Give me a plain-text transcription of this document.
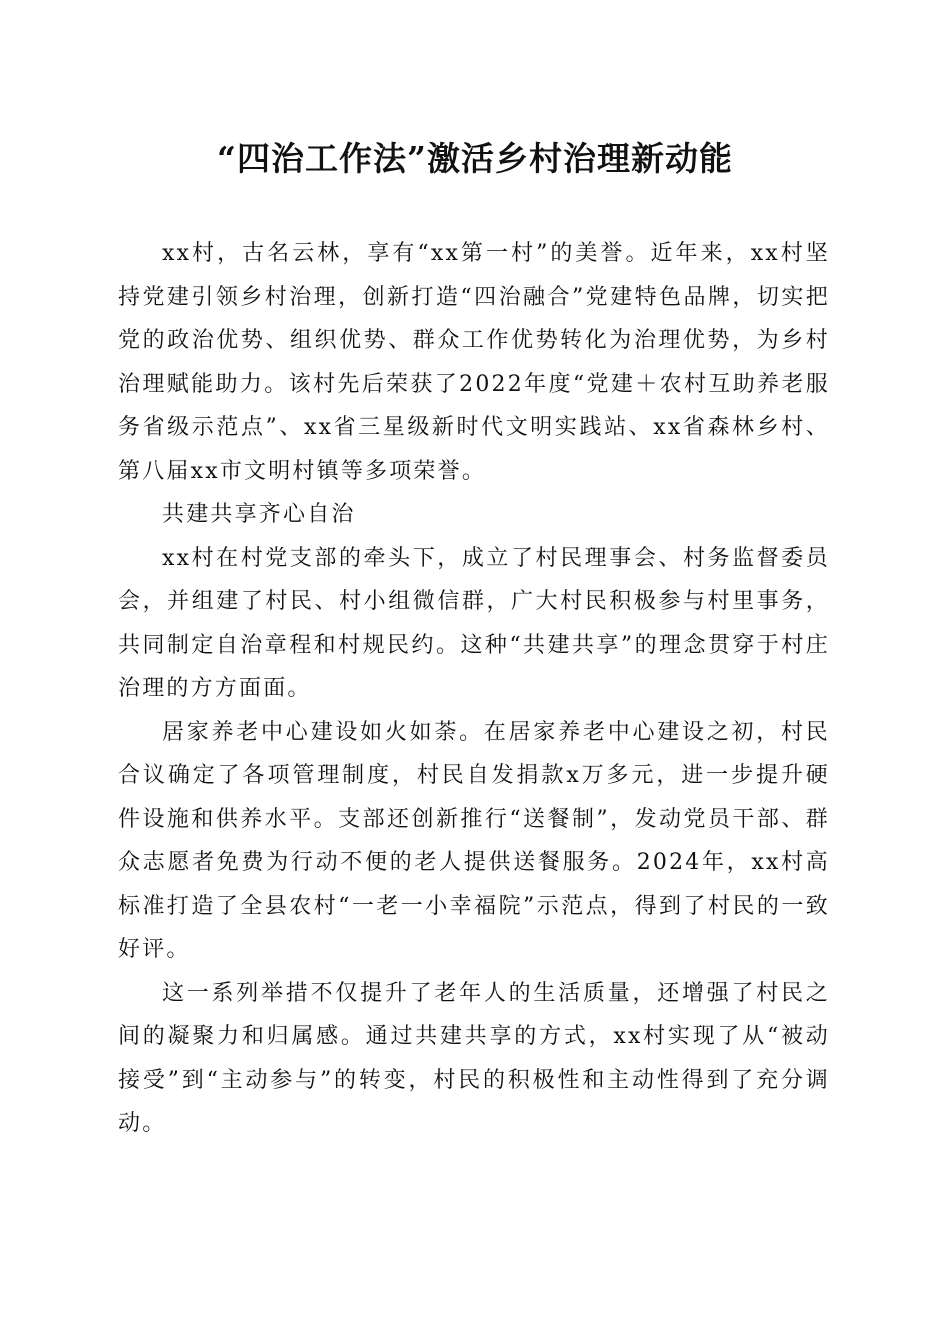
“四治工作法”激活乡村治理新动能

xx村，古名云林，享有“xx第一村”的美誉。近年来，xx村坚持党建引领乡村治理，创新打造“四治融合”党建特色品牌，切实把党的政治优势、组织优势、群众工作优势转化为治理优势，为乡村治理赋能助力。该村先后荣获了2022年度“党建＋农村互助养老服务省级示范点”、xx省三星级新时代文明实践站、xx省森林乡村、第八届xx市文明村镇等多项荣誉。

共建共享齐心自治

xx村在村党支部的牵头下，成立了村民理事会、村务监督委员会，并组建了村民、村小组微信群，广大村民积极参与村里事务，共同制定自治章程和村规民约。这种“共建共享”的理念贯穿于村庄治理的方方面面。

居家养老中心建设如火如荼。在居家养老中心建设之初，村民合议确定了各项管理制度，村民自发捐款x万多元，进一步提升硬件设施和供养水平。支部还创新推行“送餐制”，发动党员干部、群众志愿者免费为行动不便的老人提供送餐服务。2024年，xx村高标准打造了全县农村“一老一小幸福院”示范点，得到了村民的一致好评。

这一系列举措不仅提升了老年人的生活质量，还增强了村民之间的凝聚力和归属感。通过共建共享的方式，xx村实现了从“被动接受”到“主动参与”的转变，村民的积极性和主动性得到了充分调动。
